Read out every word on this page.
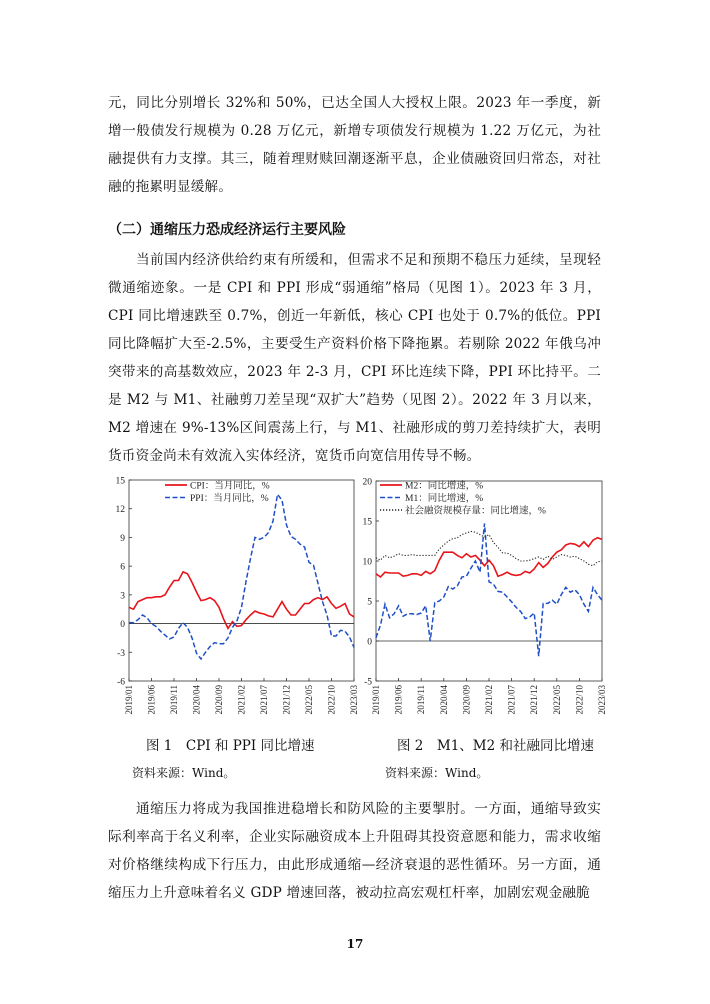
元，同比分别增长 32%和 50%，已达全国人大授权上限。2023 年一季度，新增一般债发行规模为 0.28 万亿元，新增专项债发行规模为 1.22 万亿元，为社融提供有力支撑。其三，随着理财赎回潮逐渐平息，企业债融资回归常态，对社融的拖累明显缓解。
（二）通缩压力恐成经济运行主要风险
当前国内经济供给约束有所缓和，但需求不足和预期不稳压力延续，呈现轻微通缩迹象。一是 CPI 和 PPI 形成“弱通缩”格局（见图 1）。2023 年 3 月，CPI 同比增速跌至 0.7%，创近一年新低，核心 CPI 也处于 0.7%的低位。PPI 同比降幅扩大至-2.5%，主要受生产资料价格下降拖累。若剔除 2022 年俄乌冲突带来的高基数效应，2023 年 2-3 月，CPI 环比连续下降，PPI 环比持平。二是 M2 与 M1、社融剪刀差呈现“双扩大”趋势（见图 2）。2022 年 3 月以来，M2 增速在 9%-13%区间震荡上行，与 M1、社融形成的剪刀差持续扩大，表明货币资金尚未有效流入实体经济，宽货币向宽信用传导不畅。
15
12
9
6
3
0
-3
-6
2019/01 2019/06 2019/11 2020/04 2020/09 2021/02 2021/07 2021/12 2022/05 2022/10 2023/03
CPI：当月同比，%
PPI：当月同比，%
20
15
10
5
0
-5
2019/01 2019/06 2019/11 2020/04 2020/09 2021/02 2021/07 2021/12 2022/05 2022/10 2023/03
M2：同比增速，%
M1：同比增速，%
社会融资规模存量：同比增速，%
图 1　CPI 和 PPI 同比增速
资料来源：Wind。
图 2　M1、M2 和社融同比增速
资料来源：Wind。
通缩压力将成为我国推进稳增长和防风险的主要掣肘。一方面，通缩导致实际利率高于名义利率，企业实际融资成本上升阻碍其投资意愿和能力，需求收缩对价格继续构成下行压力，由此形成通缩—经济衰退的恶性循环。另一方面，通缩压力上升意味着名义 GDP 增速回落，被动拉高宏观杠杆率，加剧宏观金融脆
17
